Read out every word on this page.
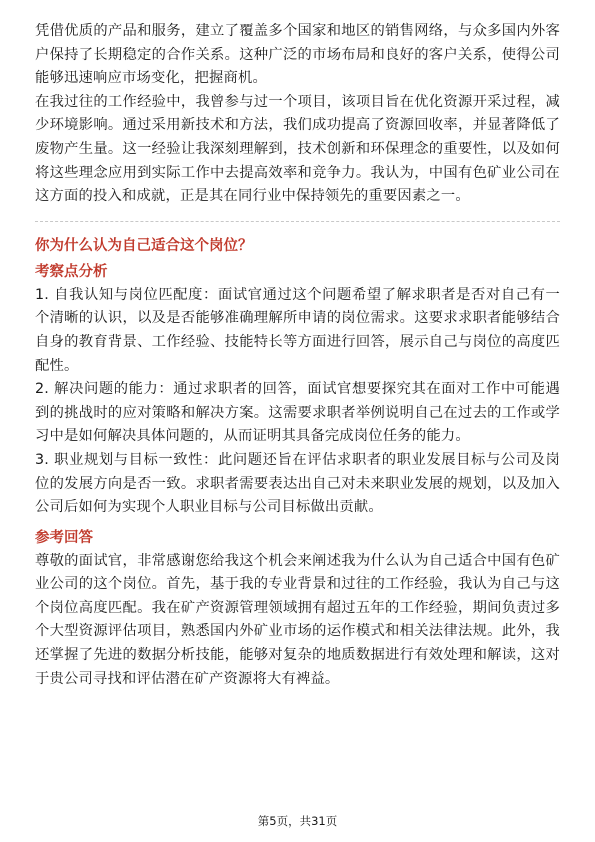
凭借优质的产品和服务，建立了覆盖多个国家和地区的销售网络，与众多国内外客户保持了长期稳定的合作关系。这种广泛的市场布局和良好的客户关系，使得公司能够迅速响应市场变化，把握商机。

在我过往的工作经验中，我曾参与过一个项目，该项目旨在优化资源开采过程，减少环境影响。通过采用新技术和方法，我们成功提高了资源回收率，并显著降低了废物产生量。这一经验让我深刻理解到，技术创新和环保理念的重要性，以及如何将这些理念应用到实际工作中去提高效率和竞争力。我认为，中国有色矿业公司在这方面的投入和成就，正是其在同行业中保持领先的重要因素之一。

你为什么认为自己适合这个岗位？

考察点分析

1. 自我认知与岗位匹配度：面试官通过这个问题希望了解求职者是否对自己有一个清晰的认识，以及是否能够准确理解所申请的岗位需求。这要求求职者能够结合自身的教育背景、工作经验、技能特长等方面进行回答，展示自己与岗位的高度匹配性。

2. 解决问题的能力：通过求职者的回答，面试官想要探究其在面对工作中可能遇到的挑战时的应对策略和解决方案。这需要求职者举例说明自己在过去的工作或学习中是如何解决具体问题的，从而证明其具备完成岗位任务的能力。

3. 职业规划与目标一致性：此问题还旨在评估求职者的职业发展目标与公司及岗位的发展方向是否一致。求职者需要表达出自己对未来职业发展的规划，以及加入公司后如何为实现个人职业目标与公司目标做出贡献。

参考回答

尊敬的面试官，非常感谢您给我这个机会来阐述我为什么认为自己适合中国有色矿业公司的这个岗位。首先，基于我的专业背景和过往的工作经验，我认为自己与这个岗位高度匹配。我在矿产资源管理领域拥有超过五年的工作经验，期间负责过多个大型资源评估项目，熟悉国内外矿业市场的运作模式和相关法律法规。此外，我还掌握了先进的数据分析技能，能够对复杂的地质数据进行有效处理和解读，这对于贵公司寻找和评估潜在矿产资源将大有裨益。

第5页，共31页
